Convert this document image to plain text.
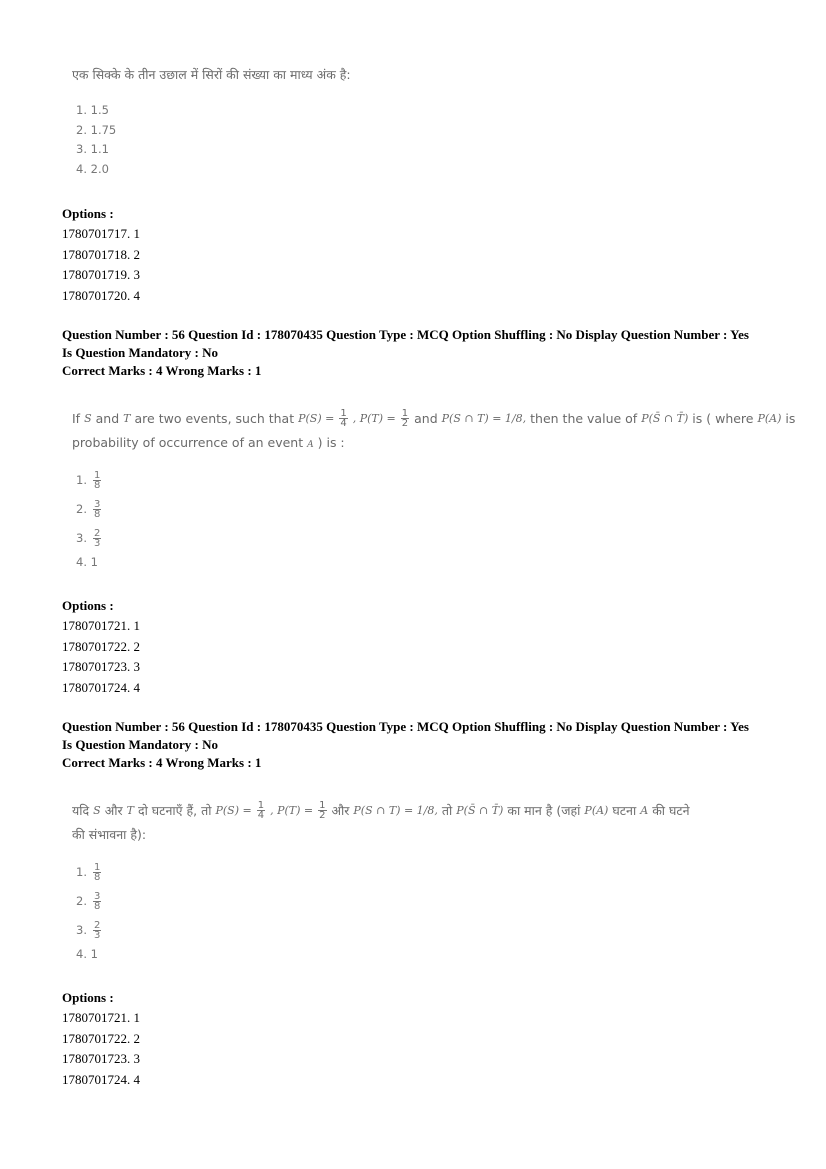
एक सिक्के के तीन उछाल में सिरों की संख्या का माध्य अंक है:
1. 1.5
2. 1.75
3. 1.1
4. 2.0
Options :
1780701717. 1
1780701718. 2
1780701719. 3
1780701720. 4
Question Number : 56 Question Id : 178070435 Question Type : MCQ Option Shuffling : No Display Question Number : Yes
Is Question Mandatory : No
Correct Marks : 4 Wrong Marks : 1
If S and T are two events, such that $P(S) = \frac{1}{4}$ , $P(T) = \frac{1}{2}$ and P(S ∩ T) = 1/8, then the value of P(S̄ ∩ T̄) is ( where P(A) is
probability of occurrence of an event A ) is :
1. $\frac{1}{8}$
2. $\frac{3}{8}$
3. $\frac{2}{3}$
4. 1
Options :
1780701721. 1
1780701722. 2
1780701723. 3
1780701724. 4
Question Number : 56 Question Id : 178070435 Question Type : MCQ Option Shuffling : No Display Question Number : Yes
Is Question Mandatory : No
Correct Marks : 4 Wrong Marks : 1
यदि S और T दो घटनाएँ हैं, तो $P(S) = \frac{1}{4}$ , $P(T) = \frac{1}{2}$ और P(S ∩ T) = 1/8, तो P(S̄ ∩ T̄) का मान है (जहां P(A) घटना A की घटने
की संभावना है):
1. $\frac{1}{8}$
2. $\frac{3}{8}$
3. $\frac{2}{3}$
4. 1
Options :
1780701721. 1
1780701722. 2
1780701723. 3
1780701724. 4
